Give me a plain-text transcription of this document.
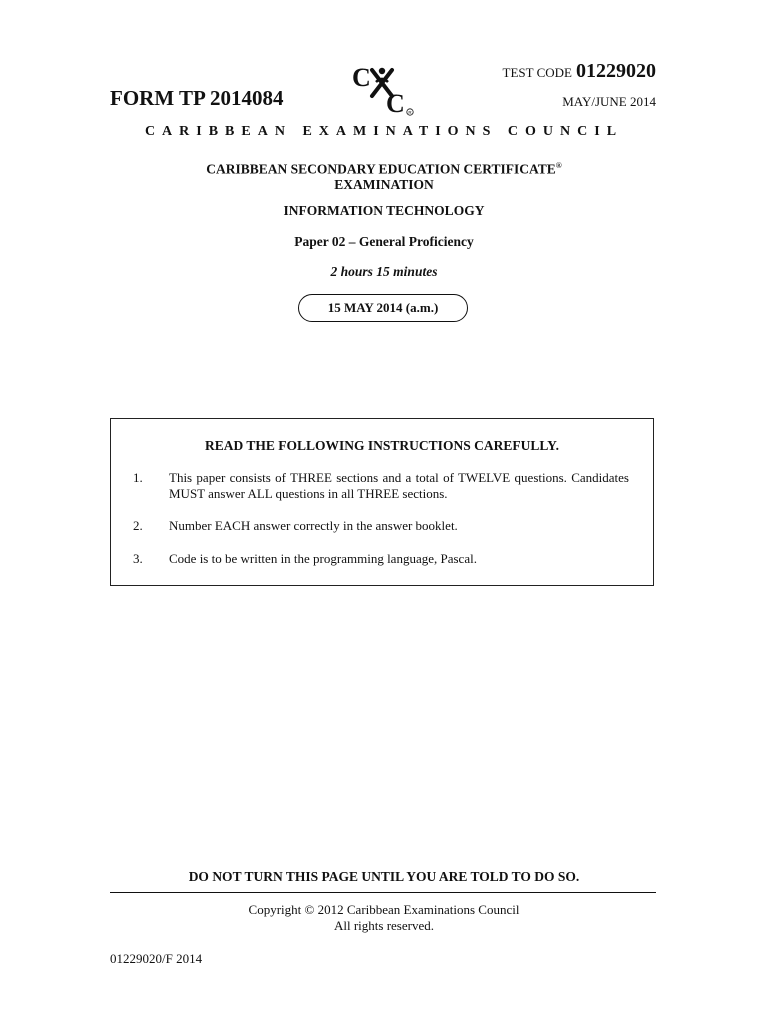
TEST CODE 01229020
FORM TP 2014084	MAY/JUNE 2014
C
C R
CARIBBEAN EXAMINATIONS COUNCIL
CARIBBEAN SECONDARY EDUCATION CERTIFICATE®
EXAMINATION
INFORMATION TECHNOLOGY
Paper 02 – General Proficiency
2 hours 15 minutes
15 MAY 2014 (a.m.)
READ THE FOLLOWING INSTRUCTIONS CAREFULLY.
1.	This paper consists of THREE sections and a total of TWELVE questions. Candidates MUST answer ALL questions in all THREE sections.
2.	Number EACH answer correctly in the answer booklet.
3.	Code is to be written in the programming language, Pascal.
DO NOT TURN THIS PAGE UNTIL YOU ARE TOLD TO DO SO.
Copyright © 2012 Caribbean Examinations Council
All rights reserved.
01229020/F 2014
